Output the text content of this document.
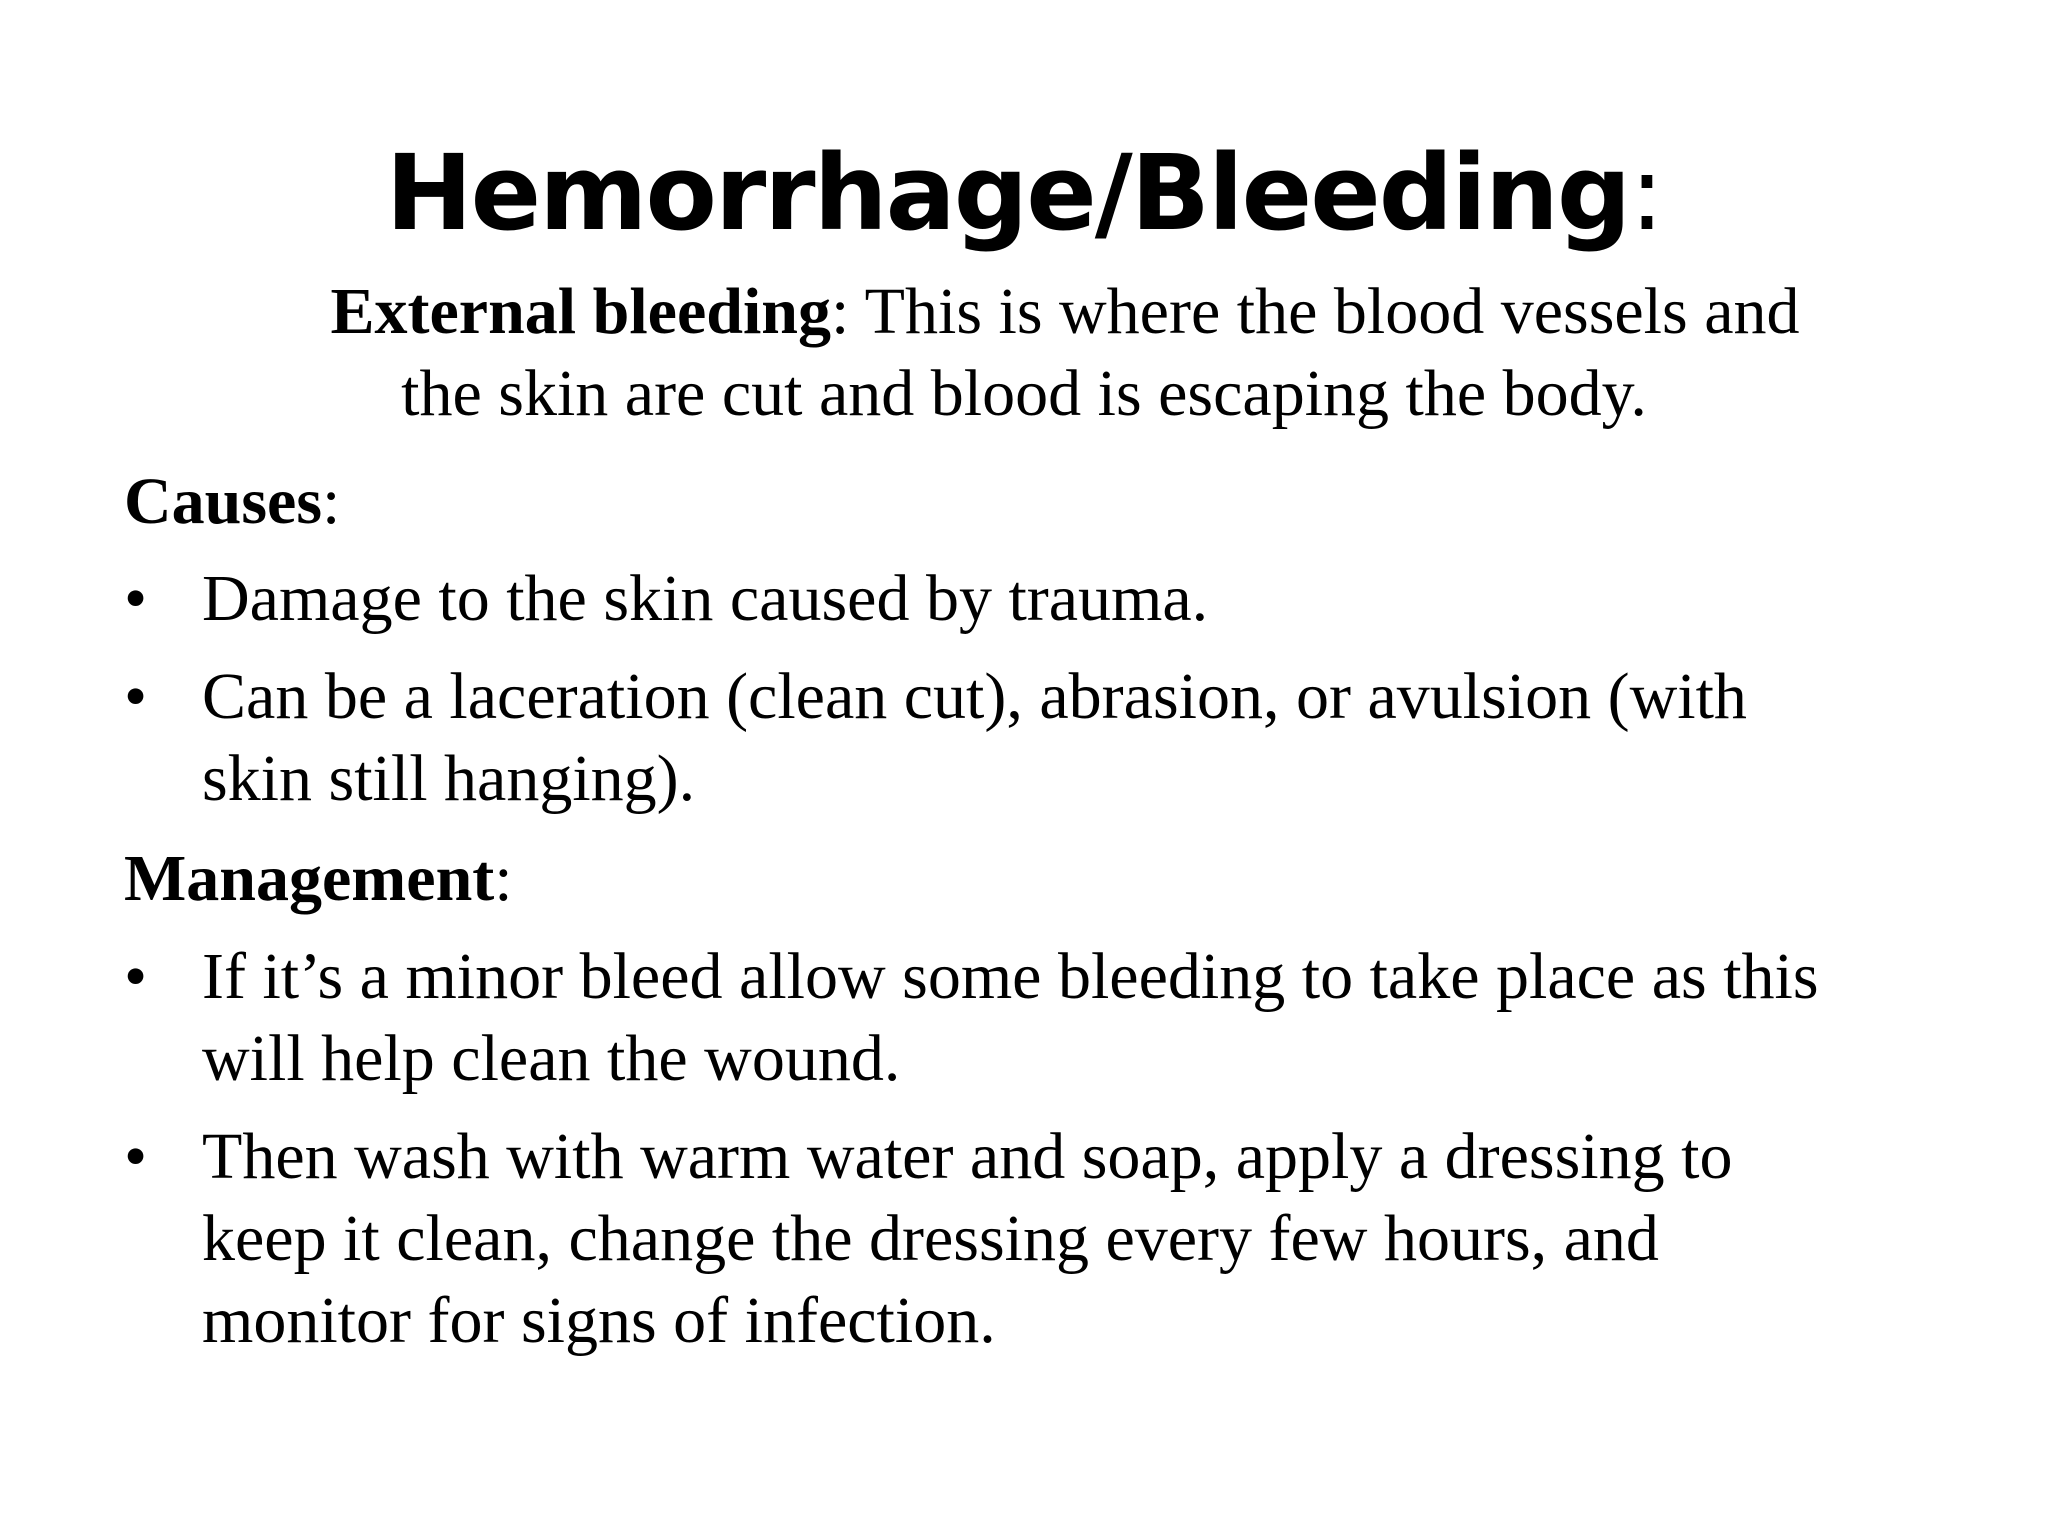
Hemorrhage/Bleeding:
External bleeding: This is where the blood vessels and
the skin are cut and blood is escaping the body.
Causes:
• Damage to the skin caused by trauma.
• Can be a laceration (clean cut), abrasion, or avulsion (with
skin still hanging).
Management:
• If it’s a minor bleed allow some bleeding to take place as this
will help clean the wound.
• Then wash with warm water and soap, apply a dressing to
keep it clean, change the dressing every few hours, and
monitor for signs of infection.
